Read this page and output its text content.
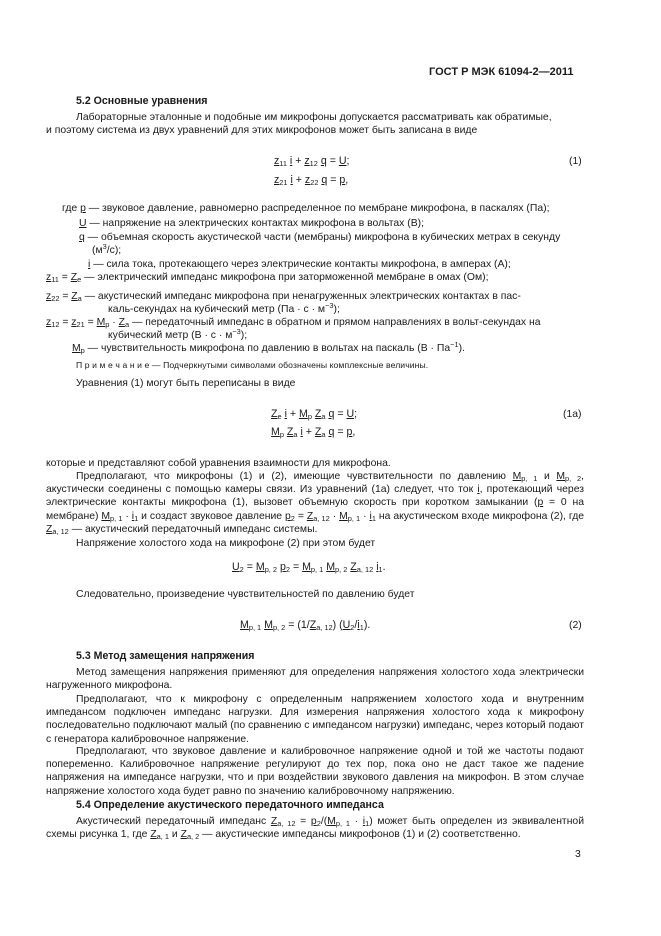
ГОСТ Р МЭК 61094-2—2011
5.2 Основные уравнения
Лабораторные эталонные и подобные им микрофоны допускается рассматривать как обратимые,
и поэтому система из двух уравнений для этих микрофонов может быть записана в виде
$z_{11}$ $i + z_{12}$ q = U;
$z_{21}$ $i + z_{22}$ q = p,
(1)
где p — звуковое давление, равномерно распределенное по мембране микрофона, в паскалях (Па);
U — напряжение на электрических контактах микрофона в вольтах (В);
q — объемная скорость акустической части (мембраны) микрофона в кубических метрах в секунду
$(м^3/с)$;
i — сила тока, протекающего через электрические контакты микрофона, в амперах (А);
$z_{11} = Z_e$ — электрический импеданс микрофона при заторможенной мембране в омах (Ом);
$z_{22} = Z_a$ — акустический импеданс микрофона при ненагруженных электрических контактах в пас-
каль-секундах на кубический метр $(Па \cdot с \cdot м^{-3})$;
$z_{12} = z_{21} = M_p \cdot Z_a$ — передаточный импеданс в обратном и прямом направлениях в вольт-секундах на
кубический метр $(В \cdot с \cdot м^{-3})$;
$M_p$ — чувствительность микрофона по давлению в вольтах на паскаль $(В \cdot Па^{-1})$.
П р и м е ч а н и е — Подчеркнутыми символами обозначены комплексные величины.
Уравнения (1) могут быть переписаны в виде
$Z_e$ $i + M_p$ $Z_a$ q = U;
$M_p$ $Z_a$ $i + Z_a$ q = p,
(1a)
которые и представляют собой уравнения взаимности для микрофона.
Предполагают, что микрофоны (1) и (2), имеющие чувствительности по давлению $M_{p, 1}$ и $M_{p, 2}$, акустически соединены с помощью камеры связи. Из уравнений (1а) следует, что ток i, протекающий через электрические контакты микрофона (1), вызовет объемную скорость при коротком замыкании (p = 0 на мембране) $M_{p, 1} \cdot i_1$ и создаст звуковое давление $p_2 = Z_{a, 12} \cdot M_{p, 1} \cdot i_1$ на акустическом входе микрофона (2), где $Z_{a, 12}$ — акустический передаточный импеданс системы.
Напряжение холостого хода на микрофоне (2) при этом будет
$U_2 = M_{p, 2}$ $p_2 = M_{p, 1}$ $M_{p, 2}$ $Z_{a, 12}$ $i_1$.
Следовательно, произведение чувствительностей по давлению будет
$M_{p, 1}$ $M_{p, 2} = (1/Z_{a, 12})$ $(U_2/i_1)$.	(2)
5.3 Метод замещения напряжения
Метод замещения напряжения применяют для определения напряжения холостого хода электрически нагруженного микрофона.
Предполагают, что к микрофону с определенным напряжением холостого хода и внутренним импедансом подключен импеданс нагрузки. Для измерения напряжения холостого хода к микрофону последовательно подключают малый (по сравнению с импедансом нагрузки) импеданс, через который подают с генератора калибровочное напряжение.
Предполагают, что звуковое давление и калибровочное напряжение одной и той же частоты подают попеременно. Калибровочное напряжение регулируют до тех пор, пока оно не даст такое же падение напряжения на импедансе нагрузки, что и при воздействии звукового давления на микрофон. В этом случае напряжение холостого хода будет равно по значению калибровочному напряжению.
5.4 Определение акустического передаточного импеданса
Акустический передаточный импеданс $Z_{a, 12} = p_2/(M_{p, 1} \cdot i_1)$ может быть определен из эквивалентной схемы рисунка 1, где $Z_{a, 1}$ и $Z_{a, 2}$ — акустические импедансы микрофонов (1) и (2) соответственно.
3
